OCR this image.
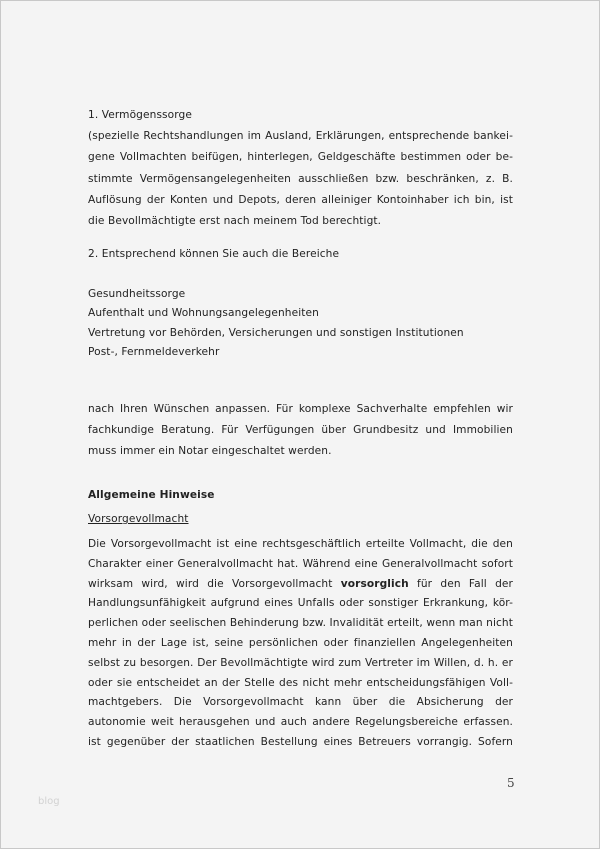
1. Vermögenssorge
(spezielle Rechtshandlungen im Ausland, Erklärungen, entsprechende bankei-
gene Vollmachten beifügen, hinterlegen, Geldgeschäfte bestimmen oder be-
stimmte Vermögensangelegenheiten ausschließen bzw. beschränken, z. B.
Auflösung der Konten und Depots, deren alleiniger Kontoinhaber ich bin, ist
die Bevollmächtigte erst nach meinem Tod berechtigt.
2. Entsprechend können Sie auch die Bereiche
Gesundheitssorge
Aufenthalt und Wohnungsangelegenheiten
Vertretung vor Behörden, Versicherungen und sonstigen Institutionen
Post-, Fernmeldeverkehr
nach Ihren Wünschen anpassen. Für komplexe Sachverhalte empfehlen wir
fachkundige Beratung. Für Verfügungen über Grundbesitz und Immobilien
muss immer ein Notar eingeschaltet werden.
Allgemeine Hinweise
Vorsorgevollmacht
Die Vorsorgevollmacht ist eine rechtsgeschäftlich erteilte Vollmacht, die den
Charakter einer Generalvollmacht hat. Während eine Generalvollmacht sofort
wirksam wird, wird die Vorsorgevollmacht vorsorglich für den Fall der
Handlungsunfähigkeit aufgrund eines Unfalls oder sonstiger Erkrankung, kör-
perlichen oder seelischen Behinderung bzw. Invalidität erteilt, wenn man nicht
mehr in der Lage ist, seine persönlichen oder finanziellen Angelegenheiten
selbst zu besorgen. Der Bevollmächtigte wird zum Vertreter im Willen, d. h. er
oder sie entscheidet an der Stelle des nicht mehr entscheidungsfähigen Voll-
machtgebers. Die Vorsorgevollmacht kann über die Absicherung der
autonomie weit herausgehen und auch andere Regelungsbereiche erfassen.
ist gegenüber der staatlichen Bestellung eines Betreuers vorrangig. Sofern
5
blog
